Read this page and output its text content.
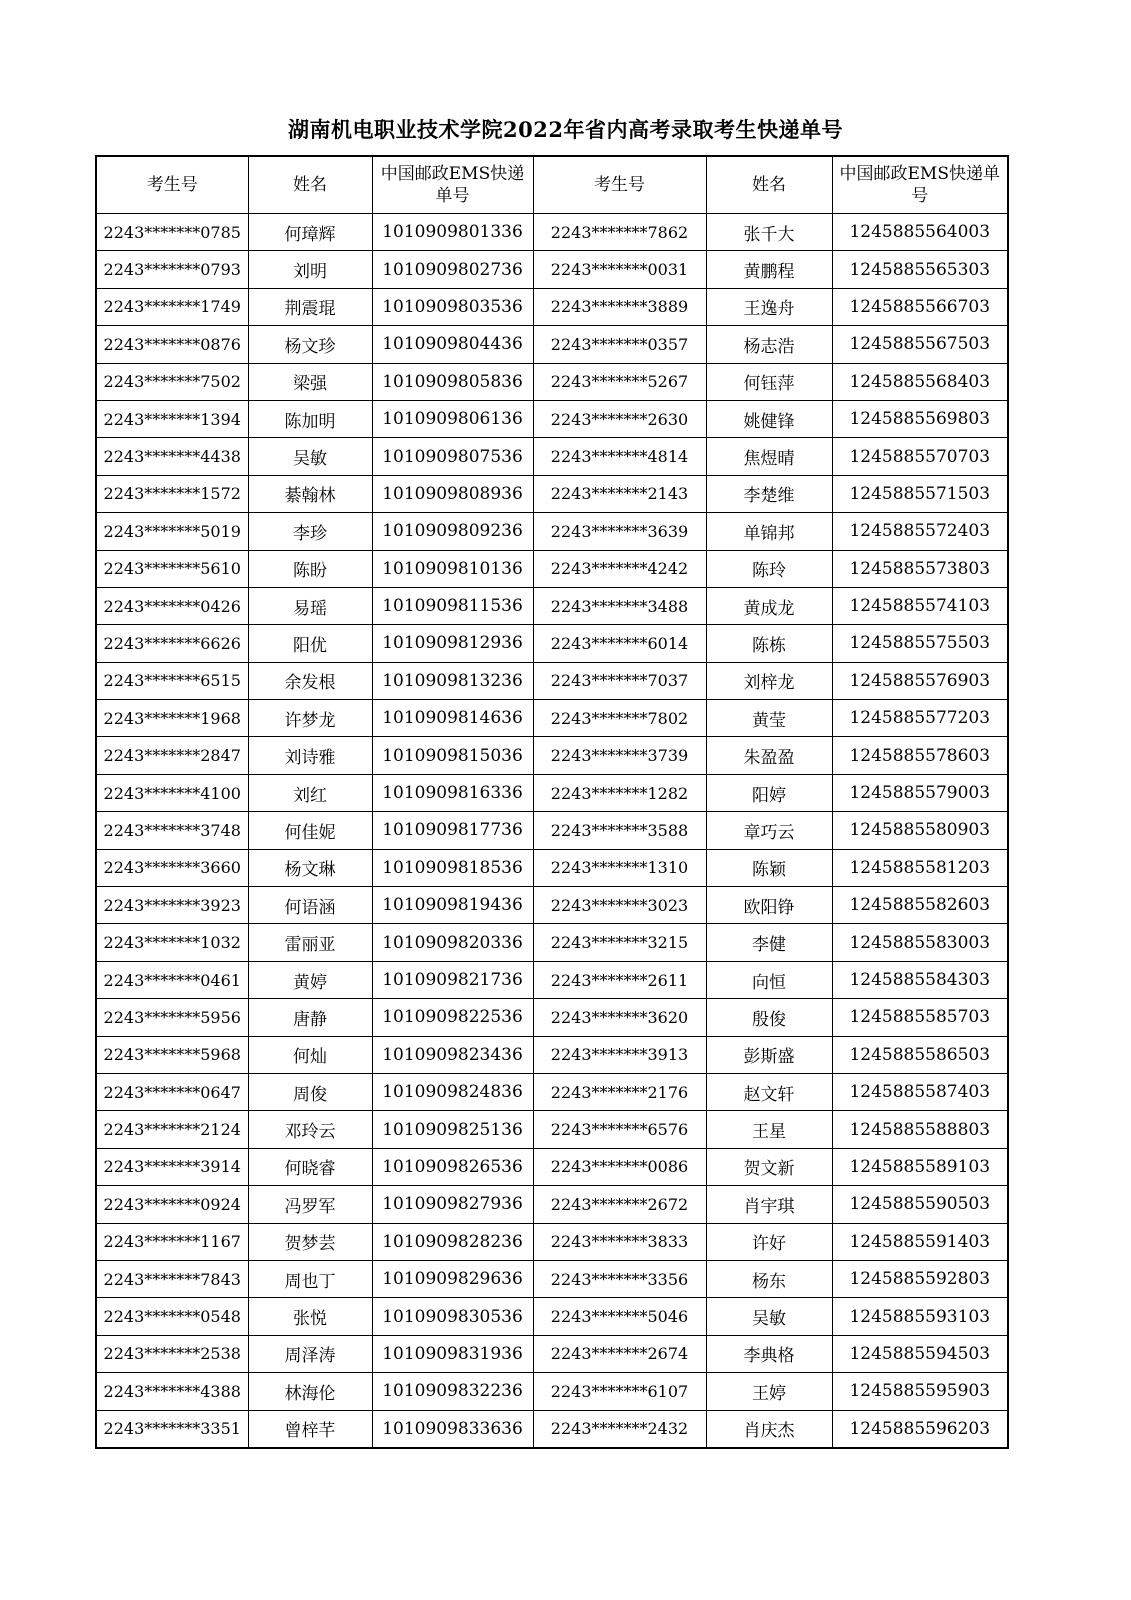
湖南机电职业技术学院2022年省内高考录取考生快递单号
考生号	姓名	中国邮政EMS快递单号	考生号	姓名	中国邮政EMS快递单号
2243*******0785	何璋辉	1010909801336	2243*******7862	张千大	1245885564003
2243*******0793	刘明	1010909802736	2243*******0031	黄鹏程	1245885565303
2243*******1749	荆震琨	1010909803536	2243*******3889	王逸舟	1245885566703
2243*******0876	杨文珍	1010909804436	2243*******0357	杨志浩	1245885567503
2243*******7502	梁强	1010909805836	2243*******5267	何钰萍	1245885568403
2243*******1394	陈加明	1010909806136	2243*******2630	姚健锋	1245885569803
2243*******4438	吴敏	1010909807536	2243*******4814	焦煜晴	1245885570703
2243*******1572	綦翰林	1010909808936	2243*******2143	李楚维	1245885571503
2243*******5019	李珍	1010909809236	2243*******3639	单锦邦	1245885572403
2243*******5610	陈盼	1010909810136	2243*******4242	陈玲	1245885573803
2243*******0426	易瑶	1010909811536	2243*******3488	黄成龙	1245885574103
2243*******6626	阳优	1010909812936	2243*******6014	陈栋	1245885575503
2243*******6515	余发根	1010909813236	2243*******7037	刘梓龙	1245885576903
2243*******1968	许梦龙	1010909814636	2243*******7802	黄莹	1245885577203
2243*******2847	刘诗雅	1010909815036	2243*******3739	朱盈盈	1245885578603
2243*******4100	刘红	1010909816336	2243*******1282	阳婷	1245885579003
2243*******3748	何佳妮	1010909817736	2243*******3588	章巧云	1245885580903
2243*******3660	杨文琳	1010909818536	2243*******1310	陈颖	1245885581203
2243*******3923	何语涵	1010909819436	2243*******3023	欧阳铮	1245885582603
2243*******1032	雷丽亚	1010909820336	2243*******3215	李健	1245885583003
2243*******0461	黄婷	1010909821736	2243*******2611	向恒	1245885584303
2243*******5956	唐静	1010909822536	2243*******3620	殷俊	1245885585703
2243*******5968	何灿	1010909823436	2243*******3913	彭斯盛	1245885586503
2243*******0647	周俊	1010909824836	2243*******2176	赵文轩	1245885587403
2243*******2124	邓玲云	1010909825136	2243*******6576	王星	1245885588803
2243*******3914	何晓睿	1010909826536	2243*******0086	贺文新	1245885589103
2243*******0924	冯罗军	1010909827936	2243*******2672	肖宇琪	1245885590503
2243*******1167	贺梦芸	1010909828236	2243*******3833	许好	1245885591403
2243*******7843	周也丁	1010909829636	2243*******3356	杨东	1245885592803
2243*******0548	张悦	1010909830536	2243*******5046	吴敏	1245885593103
2243*******2538	周泽涛	1010909831936	2243*******2674	李典格	1245885594503
2243*******4388	林海伦	1010909832236	2243*******6107	王婷	1245885595903
2243*******3351	曾梓芊	1010909833636	2243*******2432	肖庆杰	1245885596203
